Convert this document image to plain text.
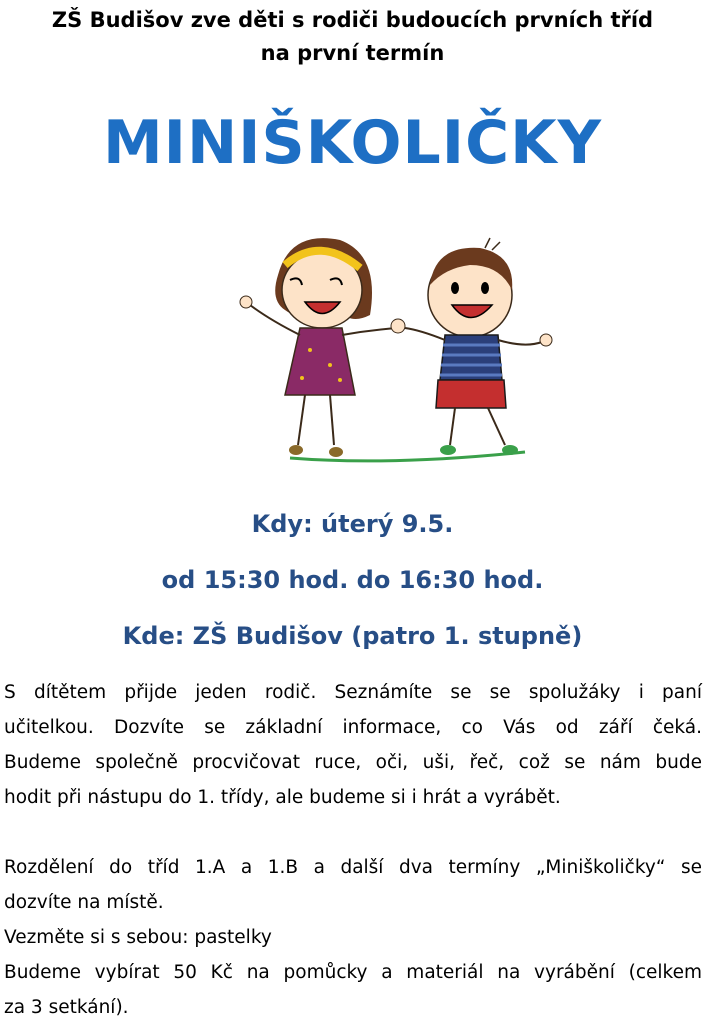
ZŠ Budišov zve děti s rodiči budoucích prvních tříd
na první termín
MINIŠKOLIČKY
Kdy: úterý 9.5.
od 15:30 hod. do 16:30 hod.
Kde: ZŠ Budišov (patro 1. stupně)
S dítětem přijde jeden rodič. Seznámíte se se spolužáky i paní
učitelkou. Dozvíte se základní informace, co Vás od září čeká.
Budeme společně procvičovat ruce, oči, uši, řeč, což se nám bude
hodit při nástupu do 1. třídy, ale budeme si i hrát a vyrábět.
Rozdělení do tříd 1.A a 1.B a další dva termíny „Miniškoličky“ se
dozvíte na místě.
Vezměte si s sebou: pastelky
Budeme vybírat 50 Kč na pomůcky a materiál na vyrábění (celkem
za 3 setkání).
